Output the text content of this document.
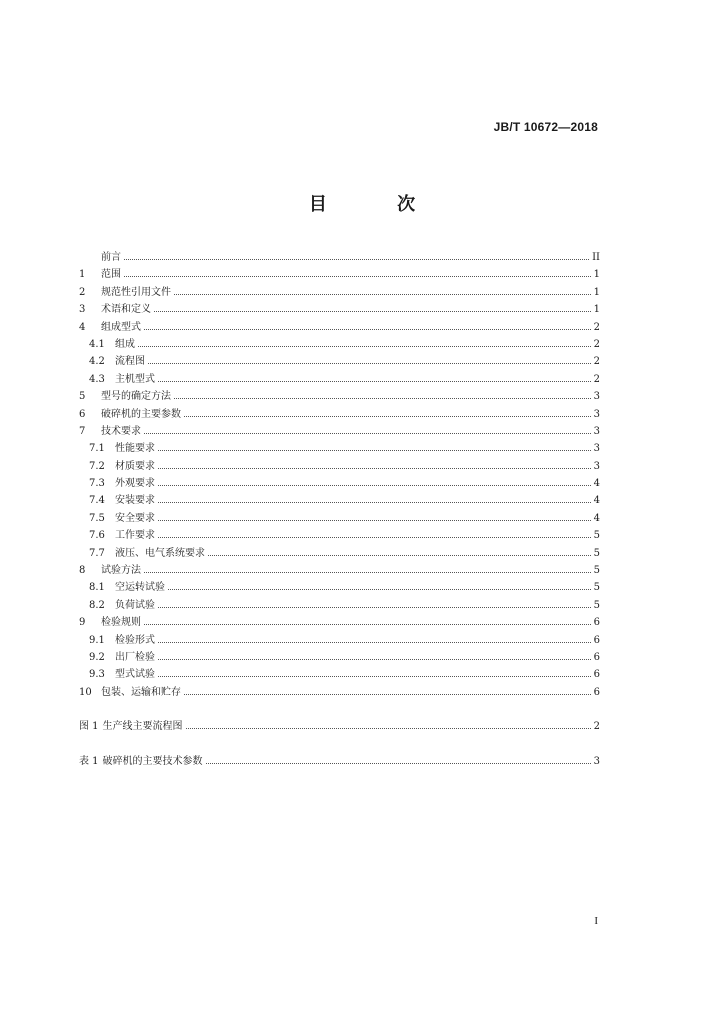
JB/T 10672—2018
目 次
前言	II
1	范围	1
2	规范性引用文件	1
3	术语和定义	1
4	组成型式	2
4.1	组成	2
4.2	流程图	2
4.3	主机型式	2
5	型号的确定方法	3
6	破碎机的主要参数	3
7	技术要求	3
7.1	性能要求	3
7.2	材质要求	3
7.3	外观要求	4
7.4	安装要求	4
7.5	安全要求	4
7.6	工作要求	5
7.7	液压、电气系统要求	5
8	试验方法	5
8.1	空运转试验	5
8.2	负荷试验	5
9	检验规则	6
9.1	检验形式	6
9.2	出厂检验	6
9.3	型式试验	6
10 包装、运输和贮存	6
图 1 生产线主要流程图	2
表 1 破碎机的主要技术参数	3
I
